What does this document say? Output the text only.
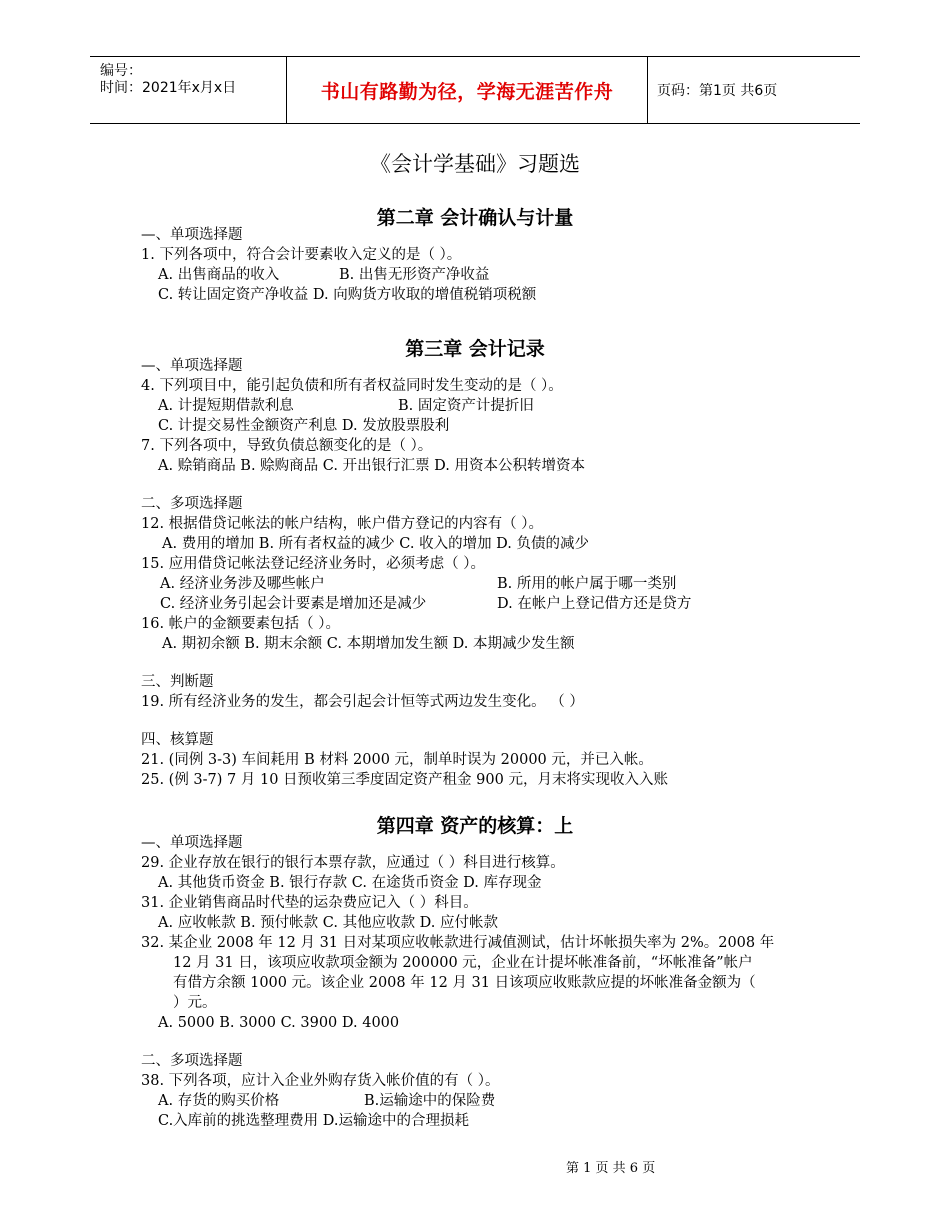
编号：
时间：2021年x月x日	书山有路勤为径，学海无涯苦作舟	页码：第1页 共6页
《会计学基础》习题选
第二章 会计确认与计量
—、单项选择题
1. 下列各项中，符合会计要素收入定义的是（ ）。
A. 出售商品的收入	B. 出售无形资产净收益
C. 转让固定资产净收益 D. 向购货方收取的增值税销项税额
第三章 会计记录
—、单项选择题
4. 下列项目中，能引起负债和所有者权益同时发生变动的是（ ）。
A. 计提短期借款利息	B. 固定资产计提折旧
C. 计提交易性金额资产利息 D. 发放股票股利
7. 下列各项中，导致负债总额变化的是（ ）。
A. 赊销商品 B. 赊购商品 C. 开出银行汇票 D. 用资本公积转增资本
二、多项选择题
12. 根据借贷记帐法的帐户结构，帐户借方登记的内容有（ ）。
A. 费用的增加 B. 所有者权益的减少 C. 收入的增加 D. 负债的减少
15. 应用借贷记帐法登记经济业务时，必须考虑（ ）。
A. 经济业务涉及哪些帐户	B. 所用的帐户属于哪一类别
C. 经济业务引起会计要素是增加还是减少	D. 在帐户上登记借方还是贷方
16. 帐户的金额要素包括（ ）。
A. 期初余额 B. 期末余额 C. 本期增加发生额 D. 本期减少发生额
三、判断题
19. 所有经济业务的发生，都会引起会计恒等式两边发生变化。 （ ）
四、核算题
21. (同例 3-3) 车间耗用 B 材料 2000 元，制单时误为 20000 元，并已入帐。
25. (例 3-7) 7 月 10 日预收第三季度固定资产租金 900 元，月末将实现收入入账
第四章 资产的核算：上
—、单项选择题
29. 企业存放在银行的银行本票存款，应通过（ ）科目进行核算。
A. 其他货币资金 B. 银行存款 C. 在途货币资金 D. 库存现金
31. 企业销售商品时代垫的运杂费应记入（ ）科目。
A. 应收帐款 B. 预付帐款 C. 其他应收款 D. 应付帐款
32. 某企业 2008 年 12 月 31 日对某项应收帐款进行减值测试，估计坏帐损失率为 2%。2008 年
12 月 31 日，该项应收款项金额为 200000 元，企业在计提坏帐准备前，“坏帐准备”帐户
有借方余额 1000 元。该企业 2008 年 12 月 31 日该项应收账款应提的坏帐准备金额为（
）元。
A. 5000 B. 3000 C. 3900 D. 4000
二、多项选择题
38. 下列各项，应计入企业外购存货入帐价值的有（ ）。
A. 存货的购买价格	B.运输途中的保险费
C.入库前的挑选整理费用 D.运输途中的合理损耗
第 1 页 共 6 页
